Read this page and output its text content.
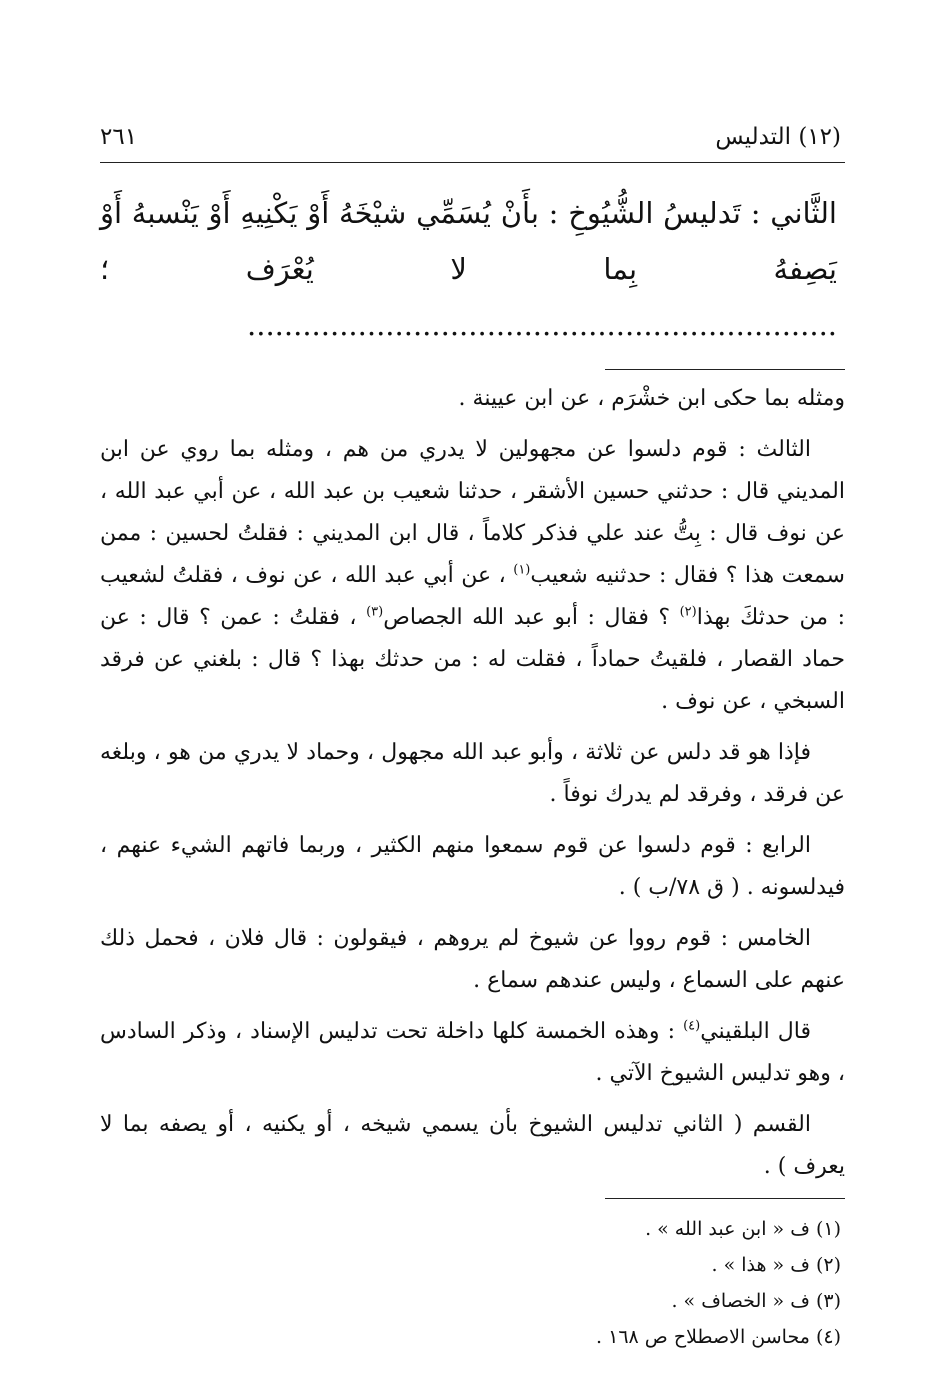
(١٢) التدليس
٢٦١
الثَّاني : تَدليسُ الشُّيُوخِ : بأَنْ يُسَمِّي شيْخَهُ أَوْ يَكْنِيهِ أَوْ يَنْسبهُ أَوْ يَصِفهُ بِما لا يُعْرَف ؛ ................................................................

ومثله بما حكى ابن خشْرَم ، عن ابن عيينة .

الثالث : قوم دلسوا عن مجهولين لا يدري من هم ، ومثله بما روي عن ابن المديني قال : حدثني حسين الأشقر ، حدثنا شعيب بن عبد الله ، عن أبي عبد الله ، عن نوف قال : بِتُّ عند علي فذكر كلاماً ، قال ابن المديني : فقلتُ لحسين : ممن سمعت هذا ؟ فقال : حدثنيه شعيب$^{(١)}$ ، عن أبي عبد الله ، عن نوف ، فقلتُ لشعيب : من حدثكَ بهذا$^{(٢)}$ ؟ فقال : أبو عبد الله الجصاص$^{(٣)}$ ، فقلتُ : عمن ؟ قال : عن حماد القصار ، فلقيتُ حماداً ، فقلت له : من حدثك بهذا ؟ قال : بلغني عن فرقد السبخي ، عن نوف .

فإذا هو قد دلس عن ثلاثة ، وأبو عبد الله مجهول ، وحماد لا يدري من هو ، وبلغه عن فرقد ، وفرقد لم يدرك نوفاً .

الرابع : قوم دلسوا عن قوم سمعوا منهم الكثير ، وربما فاتهم الشيء عنهم ، فيدلسونه . ( ق ٧٨/ب ) .

الخامس : قوم رووا عن شيوخ لم يروهم ، فيقولون : قال فلان ، فحمل ذلك عنهم على السماع ، وليس عندهم سماع .

قال البلقيني$^{(٤)}$ : وهذه الخمسة كلها داخلة تحت تدليس الإسناد ، وذكر السادس ، وهو تدليس الشيوخ الآتي .

القسم ( الثاني تدليس الشيوخ بأن يسمي شيخه ، أو يكنيه ، أو يصفه بما لا يعرف ) .

(١) ف « ابن عبد الله » .
(٢) ف « هذا » .
(٣) ف « الخصاف » .
(٤) محاسن الاصطلاح ص ١٦٨ .
